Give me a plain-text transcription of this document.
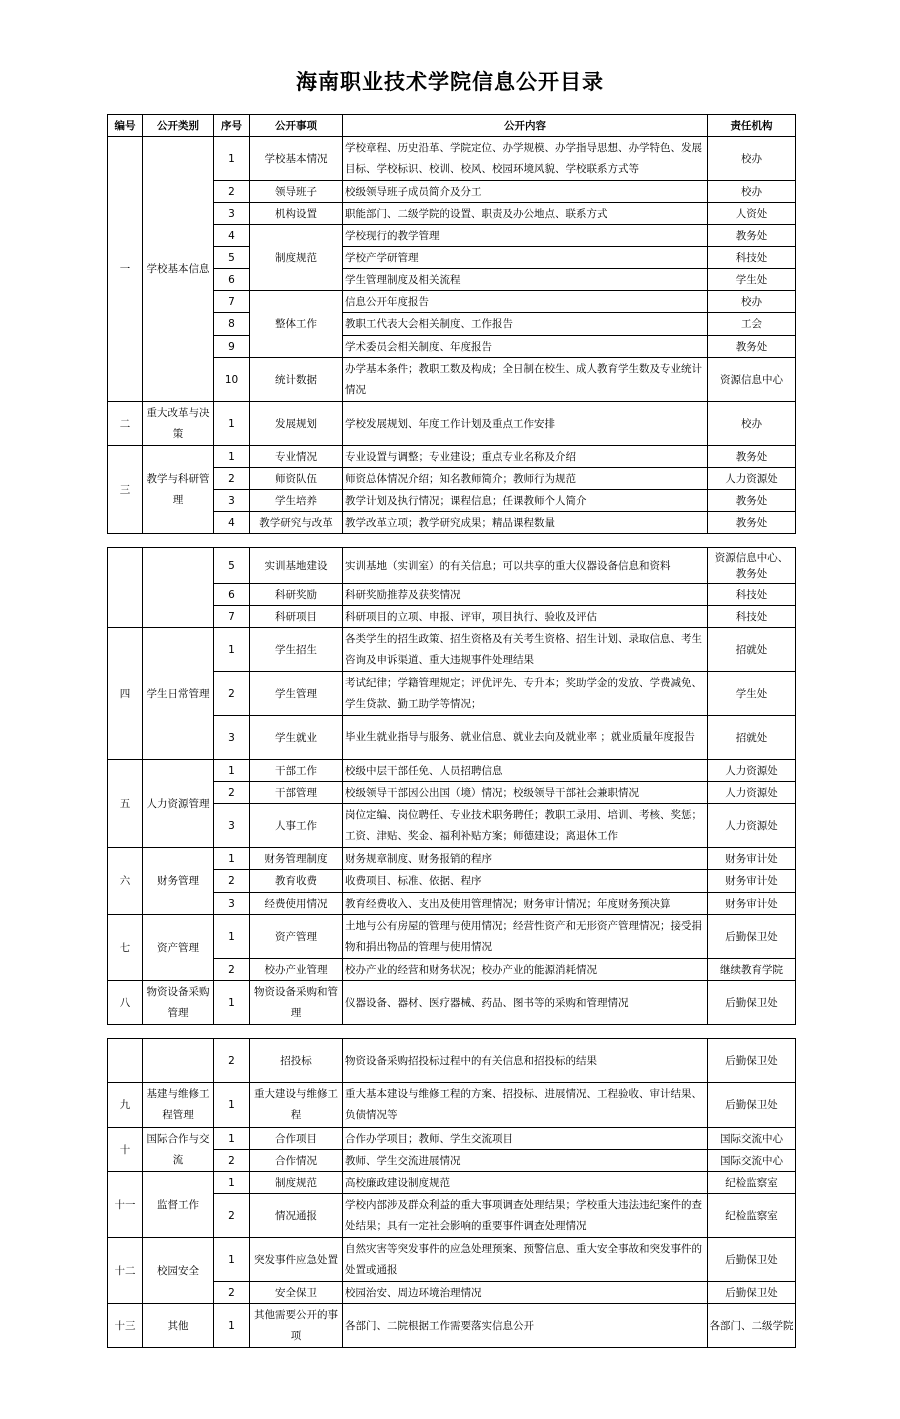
海南职业技术学院信息公开目录
编号	公开类别	序号	公开事项	公开内容	责任机构
一	学校基本信息	1	学校基本情况	学校章程、历史沿革、学院定位、办学规模、办学指导思想、办学特色、发展目标、学校标识、校训、校风、校园环境风貌、学校联系方式等	校办
		2	领导班子	校级领导班子成员简介及分工	校办
		3	机构设置	职能部门、二级学院的设置、职责及办公地点、联系方式	人资处
		4	制度规范	学校现行的教学管理	教务处
		5		学校产学研管理	科技处
		6		学生管理制度及相关流程	学生处
		7	整体工作	信息公开年度报告	校办
		8		教职工代表大会相关制度、工作报告	工会
		9		学术委员会相关制度、年度报告	教务处
		10	统计数据	办学基本条件；教职工数及构成；全日制在校生、成人教育学生数及专业统计情况	资源信息中心
二	重大改革与决策	1	发展规划	学校发展规划、年度工作计划及重点工作安排	校办
三	教学与科研管理	1	专业情况	专业设置与调整；专业建设；重点专业名称及介绍	教务处
		2	师资队伍	师资总体情况介绍；知名教师简介；教师行为规范	人力资源处
		3	学生培养	教学计划及执行情况；课程信息；任课教师个人简介	教务处
		4	教学研究与改革	教学改革立项；教学研究成果；精品课程数量	教务处
		5	实训基地建设	实训基地（实训室）的有关信息；可以共享的重大仪器设备信息和资料	资源信息中心、教务处
		6	科研奖励	科研奖励推荐及获奖情况	科技处
		7	科研项目	科研项目的立项、申报、评审，项目执行、验收及评估	科技处
四	学生日常管理	1	学生招生	各类学生的招生政策、招生资格及有关考生资格、招生计划、录取信息、考生咨询及申诉渠道、重大违规事件处理结果	招就处
		2	学生管理	考试纪律；学籍管理规定；评优评先、专升本；奖助学金的发放、学费减免、学生贷款、勤工助学等情况；	学生处
		3	学生就业	毕业生就业指导与服务、就业信息、就业去向及就业率 ；就业质量年度报告	招就处
五	人力资源管理	1	干部工作	校级中层干部任免、人员招聘信息	人力资源处
		2	干部管理	校级领导干部因公出国（境）情况；校级领导干部社会兼职情况	人力资源处
		3	人事工作	岗位定编、岗位聘任、专业技术职务聘任；教职工录用、培训、考核、奖惩；工资、津贴、奖金、福利补贴方案；师德建设；离退休工作	人力资源处
六	财务管理	1	财务管理制度	财务规章制度、财务报销的程序	财务审计处
		2	教育收费	收费项目、标准、依据、程序	财务审计处
		3	经费使用情况	教育经费收入、支出及使用管理情况；财务审计情况；年度财务预决算	财务审计处
七	资产管理	1	资产管理	土地与公有房屋的管理与使用情况；经营性资产和无形资产管理情况；接受捐物和捐出物品的管理与使用情况	后勤保卫处
		2	校办产业管理	校办产业的经营和财务状况；校办产业的能源消耗情况	继续教育学院
八	物资设备采购管理	1	物资设备采购和管理	仪器设备、器材、医疗器械、药品、图书等的采购和管理情况	后勤保卫处
		2	招投标	物资设备采购招投标过程中的有关信息和招投标的结果	后勤保卫处
九	基建与维修工程管理	1	重大建设与维修工程	重大基本建设与维修工程的方案、招投标、进展情况、工程验收、审计结果、负债情况等	后勤保卫处
十	国际合作与交流	1	合作项目	合作办学项目；教师、学生交流项目	国际交流中心
		2	合作情况	教师、学生交流进展情况	国际交流中心
十一	监督工作	1	制度规范	高校廉政建设制度规范	纪检监察室
		2	情况通报	学校内部涉及群众利益的重大事项调查处理结果；学校重大违法违纪案件的查处结果；具有一定社会影响的重要事件调查处理情况	纪检监察室
十二	校园安全	1	突发事件应急处置	自然灾害等突发事件的应急处理预案、预警信息、重大安全事故和突发事件的处置或通报	后勤保卫处
		2	安全保卫	校园治安、周边环境治理情况	后勤保卫处
十三	其他	1	其他需要公开的事项	各部门、二院根据工作需要落实信息公开	各部门、二级学院
